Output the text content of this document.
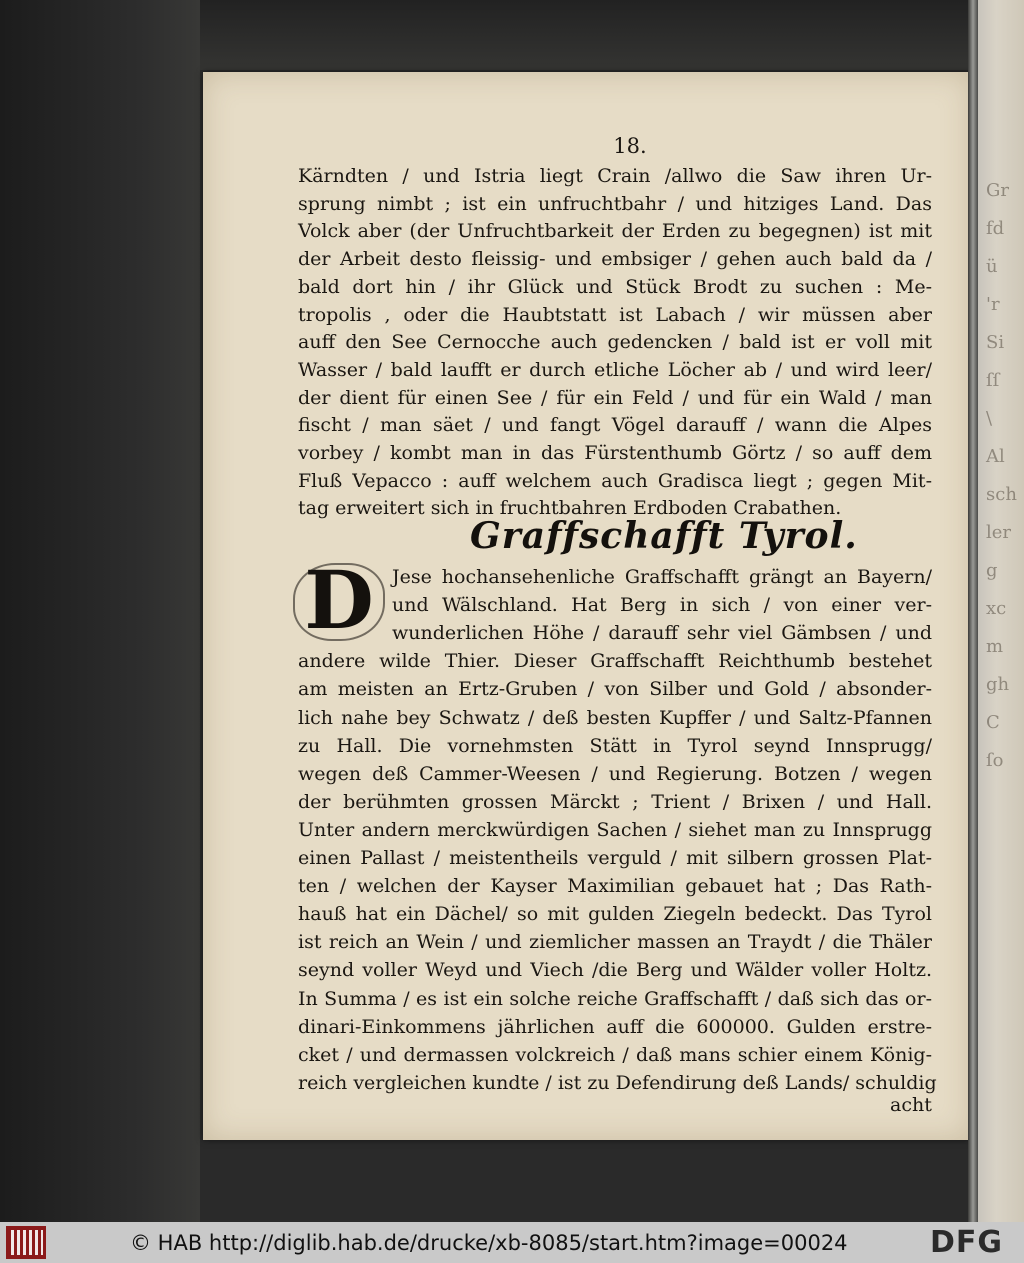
Gr
fd
ü
'r
Si
ſſ
\
Al
sch
ler
g
xc
m
gh
C
ſo
18.
Kärndten / und Istria liegt Crain /allwo die Saw ihren Ur-
sprung nimbt ; ist ein unfruchtbahr / und hitziges Land. Das
Volck aber (der Unfruchtbarkeit der Erden zu begegnen) ist mit
der Arbeit desto fleissig- und embsiger / gehen auch bald da /
bald dort hin / ihr Glück und Stück Brodt zu suchen : Me-
tropolis , oder die Haubtstatt ist Labach / wir müssen aber
auff den See Cernocche auch gedencken / bald ist er voll mit
Wasser / bald laufft er durch etliche Löcher ab / und wird leer/
der dient für einen See / für ein Feld / und für ein Wald / man
fischt / man säet / und fangt Vögel darauff / wann die Alpes
vorbey / kombt man in das Fürstenthumb Görtz / so auff dem
Fluß Vepacco : auff welchem auch Gradisca liegt ; gegen Mit-
tag erweitert sich in fruchtbahren Erdboden Crabathen.
Graffschafft Tyrol.
D Jese hochansehenliche Graffschafft grängt an Bayern/
und Wälschland. Hat Berg in sich / von einer ver-
wunderlichen Höhe / darauff sehr viel Gämbsen / und
andere wilde Thier. Dieser Graffschafft Reichthumb bestehet
am meisten an Ertz-Gruben / von Silber und Gold / absonder-
lich nahe bey Schwatz / deß besten Kupffer / und Saltz-Pfannen
zu Hall. Die vornehmsten Stätt in Tyrol seynd Innsprugg/
wegen deß Cammer-Weesen / und Regierung. Botzen / wegen
der berühmten grossen Märckt ; Trient / Brixen / und Hall.
Unter andern merckwürdigen Sachen / siehet man zu Innsprugg
einen Pallast / meistentheils verguld / mit silbern grossen Plat-
ten / welchen der Kayser Maximilian gebauet hat ; Das Rath-
hauß hat ein Dächel/ so mit gulden Ziegeln bedeckt. Das Tyrol
ist reich an Wein / und ziemlicher massen an Traydt / die Thäler
seynd voller Weyd und Viech /die Berg und Wälder voller Holtz.
In Summa / es ist ein solche reiche Graffschafft / daß sich das or-
dinari-Einkommens jährlichen auff die 600000. Gulden erstre-
cket / und dermassen volckreich / daß mans schier einem König-
reich vergleichen kundte / ist zu Defendirung deß Lands/ schuldig
acht
© HAB http://diglib.hab.de/drucke/xb-8085/start.htm?image=00024	DFG
